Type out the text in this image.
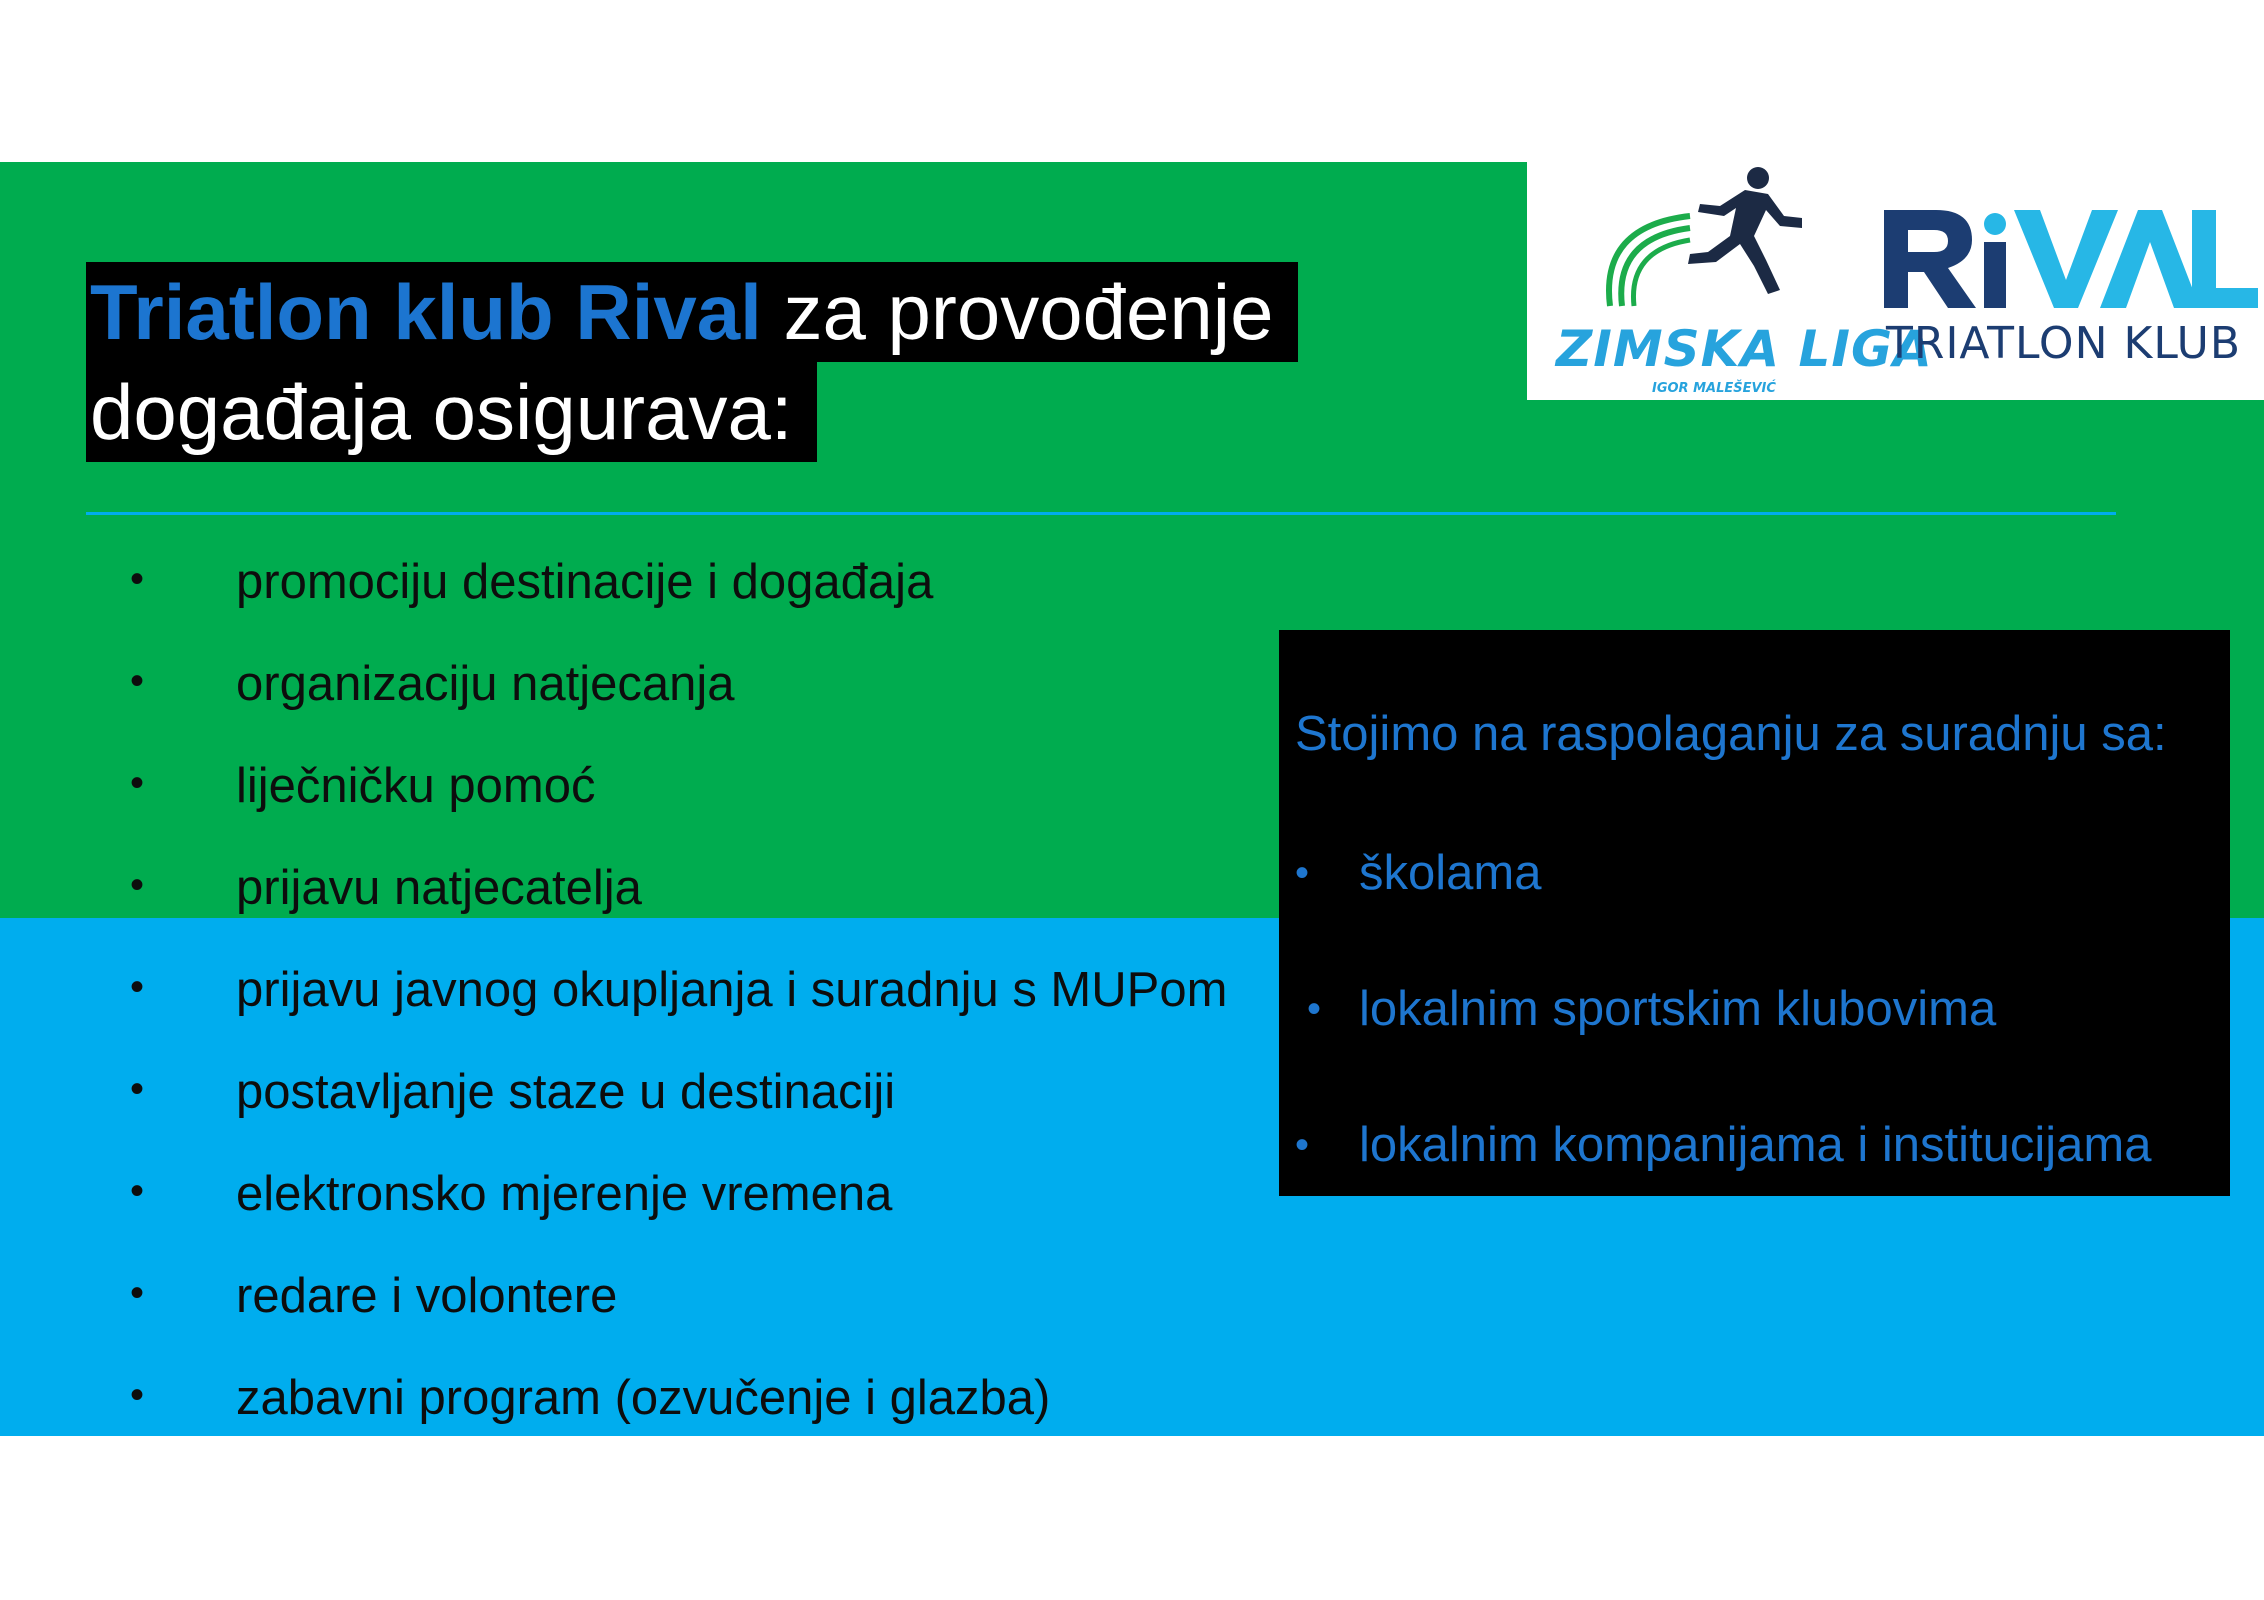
ZIMSKA LIGA
IGOR MALEŠEVIĆ
TRIATLON KLUB
Triatlon klub Rival za provođenje
događaja osigurava:
•	promociju destinacije i događaja
•	organizaciju natjecanja
•	liječničku pomoć
•	prijavu natjecatelja
•	prijavu javnog okupljanja i suradnju s MUPom
•	postavljanje staze u destinaciji
•	elektronsko mjerenje vremena
•	redare i volontere
•	zabavni program (ozvučenje i glazba)
Stojimo na raspolaganju za suradnju sa:
•	školama
• lokalnim sportskim klubovima
•	lokalnim kompanijama i institucijama
